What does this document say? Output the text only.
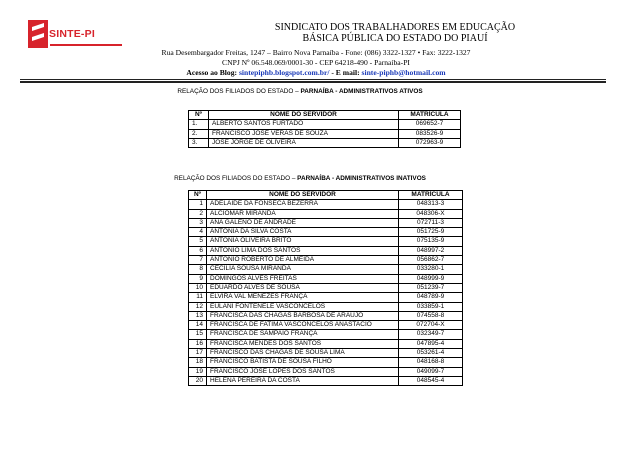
SINTE-PI
SINDICATO DOS TRABALHADORES EM EDUCAÇÃO
BÁSICA PÚBLICA DO ESTADO DO PIAUÍ
Rua Desembargador Freitas, 1247 – Bairro Nova Parnaíba - Fone: (086) 3322-1327 • Fax: 3222-1327
CNPJ Nº 06.548.069/0001-30 - CEP 64218-490 - Parnaíba-PI
Acesso ao Blog: sintepiphb.blogspot.com.br/ - E mail: sinte-piphb@hotmail.com
RELAÇÃO DOS FILIADOS DO ESTADO – PARNAÍBA - ADMINISTRATIVOS ATIVOS
Nº	NOME DO SERVIDOR	MATRÍCULA
1.	ALBERTO SANTOS FURTADO	069652-7
2.	FRANCISCO JOSÉ VERAS DE SOUZA	083526-9
3.	JOSE JORGE DE OLIVEIRA	072963-9
RELAÇÃO DOS FILIADOS DO ESTADO – PARNAÍBA - ADMINISTRATIVOS INATIVOS
Nº	NOME DO SERVIDOR	MATRÍCULA
1	ADELAIDE DA FONSECA BEZERRA	048313-3
2	ALCIOMAR MIRANDA	048306-X
3	ANA GALENO DE ANDRADE	072711-3
4	ANTONIA DA SILVA COSTA	051725-9
5	ANTONIA OLIVEIRA BRITO	075135-9
6	ANTONIO LIMA DOS SANTOS	048997-2
7	ANTONIO ROBERTO DE ALMEIDA	056862-7
8	CECILIA SOUSA MIRANDA	033280-1
9	DOMINGOS ALVES FREITAS	048999-9
10	EDUARDO ALVES DE SOUSA	051239-7
11	ELVIRA VAL MENEZES FRANÇA	048789-9
12	EULANI FONTENELE VASCONCELOS	033859-1
13	FRANCISCA DAS CHAGAS BARBOSA DE ARAÚJO	074558-8
14	FRANCISCA DE FATIMA VASCONCELOS ANASTACIO	072704-X
15	FRANCISCA DE SAMPAIO FRANÇA	032349-7
16	FRANCISCA MENDES DOS SANTOS	047895-4
17	FRANCISCO DAS CHAGAS DE SOUSA LIMA	053261-4
18	FRANCISCO BATISTA DE SOUSA FILHO	048168-8
19	FRANCISCO JOSÉ LOPES DOS SANTOS	049099-7
20	HELENA PEREIRA DA COSTA	048545-4
